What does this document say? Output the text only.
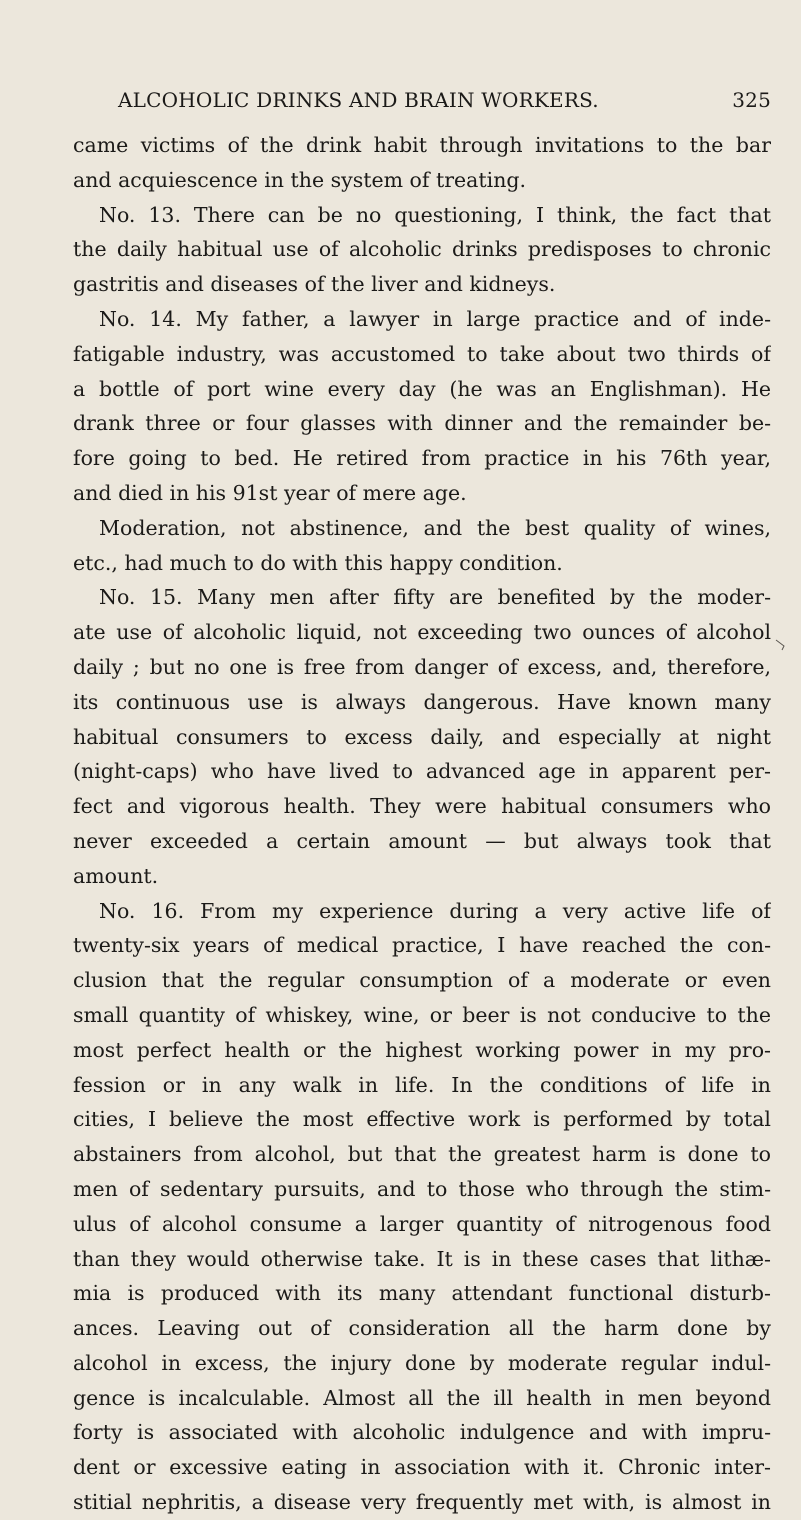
ALCOHOLIC DRINKS AND BRAIN WORKERS.	325
came victims of the drink habit through invitations to the bar
and acquiescence in the system of treating.
No. 13. There can be no questioning, I think, the fact that
the daily habitual use of alcoholic drinks predisposes to chronic
gastritis and diseases of the liver and kidneys.
No. 14. My father, a lawyer in large practice and of inde-
fatigable industry, was accustomed to take about two thirds of
a bottle of port wine every day (he was an Englishman). He
drank three or four glasses with dinner and the remainder be-
fore going to bed. He retired from practice in his 76th year,
and died in his 91st year of mere age.
Moderation, not abstinence, and the best quality of wines,
etc., had much to do with this happy condition.
No. 15. Many men after fifty are benefited by the moder-
ate use of alcoholic liquid, not exceeding two ounces of alcohol
daily ; but no one is free from danger of excess, and, therefore,
its continuous use is always dangerous. Have known many
habitual consumers to excess daily, and especially at night
(night-caps) who have lived to advanced age in apparent per-
fect and vigorous health. They were habitual consumers who
never exceeded a certain amount — but always took that
amount.
No. 16. From my experience during a very active life of
twenty-six years of medical practice, I have reached the con-
clusion that the regular consumption of a moderate or even
small quantity of whiskey, wine, or beer is not conducive to the
most perfect health or the highest working power in my pro-
fession or in any walk in life. In the conditions of life in
cities, I believe the most effective work is performed by total
abstainers from alcohol, but that the greatest harm is done to
men of sedentary pursuits, and to those who through the stim-
ulus of alcohol consume a larger quantity of nitrogenous food
than they would otherwise take. It is in these cases that lithæ-
mia is produced with its many attendant functional disturb-
ances. Leaving out of consideration all the harm done by
alcohol in excess, the injury done by moderate regular indul-
gence is incalculable. Almost all the ill health in men beyond
forty is associated with alcoholic indulgence and with impru-
dent or excessive eating in association with it. Chronic inter-
stitial nephritis, a disease very frequently met with, is almost in
